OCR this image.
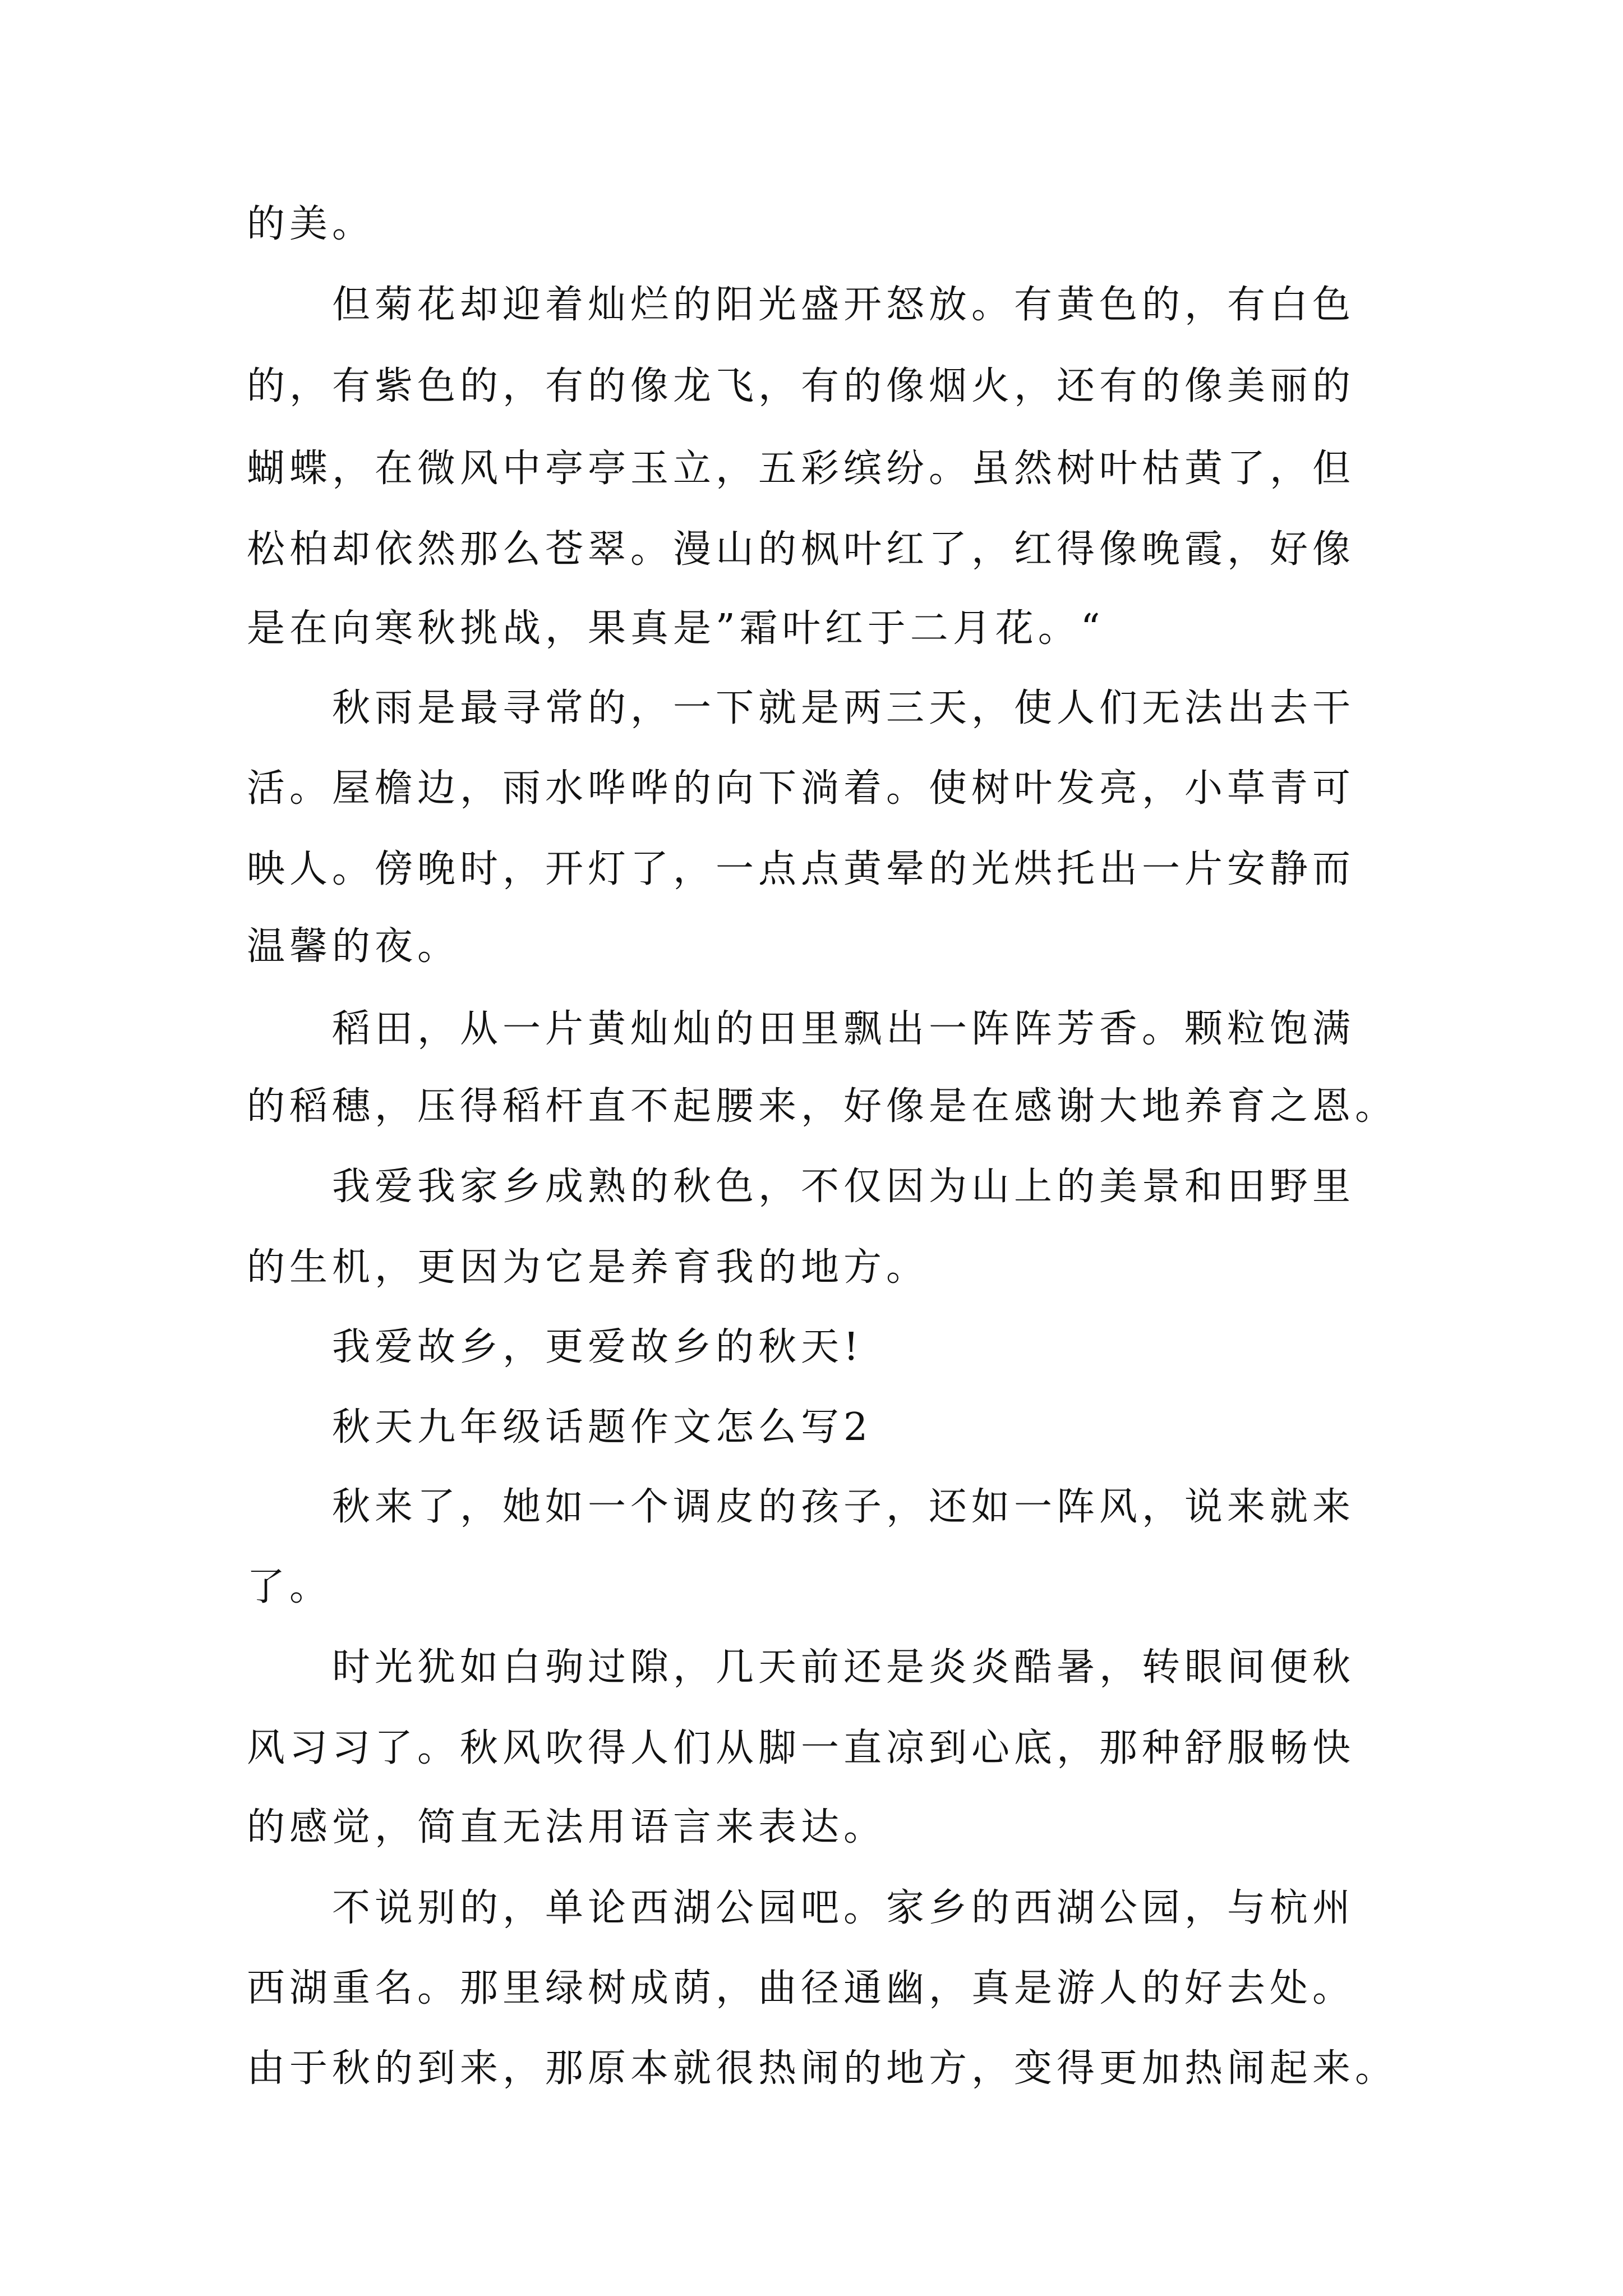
的美。

但菊花却迎着灿烂的阳光盛开怒放。有黄色的，有白色

的，有紫色的，有的像龙飞，有的像烟火，还有的像美丽的

蝴蝶，在微风中亭亭玉立，五彩缤纷。虽然树叶枯黄了，但

松柏却依然那么苍翠。漫山的枫叶红了，红得像晚霞，好像

是在向寒秋挑战，果真是”霜叶红于二月花。“

秋雨是最寻常的，一下就是两三天，使人们无法出去干

活。屋檐边，雨水哗哗的向下淌着。使树叶发亮，小草青可

映人。傍晚时，开灯了，一点点黄晕的光烘托出一片安静而

温馨的夜。

稻田，从一片黄灿灿的田里飘出一阵阵芳香。颗粒饱满

的稻穗，压得稻杆直不起腰来，好像是在感谢大地养育之恩。

我爱我家乡成熟的秋色，不仅因为山上的美景和田野里

的生机，更因为它是养育我的地方。

我爱故乡，更爱故乡的秋天!

秋天九年级话题作文怎么写2

秋来了，她如一个调皮的孩子，还如一阵风，说来就来

了。

时光犹如白驹过隙，几天前还是炎炎酷暑，转眼间便秋

风习习了。秋风吹得人们从脚一直凉到心底，那种舒服畅快

的感觉，简直无法用语言来表达。

不说别的，单论西湖公园吧。家乡的西湖公园，与杭州

西湖重名。那里绿树成荫，曲径通幽，真是游人的好去处。

由于秋的到来，那原本就很热闹的地方，变得更加热闹起来。
